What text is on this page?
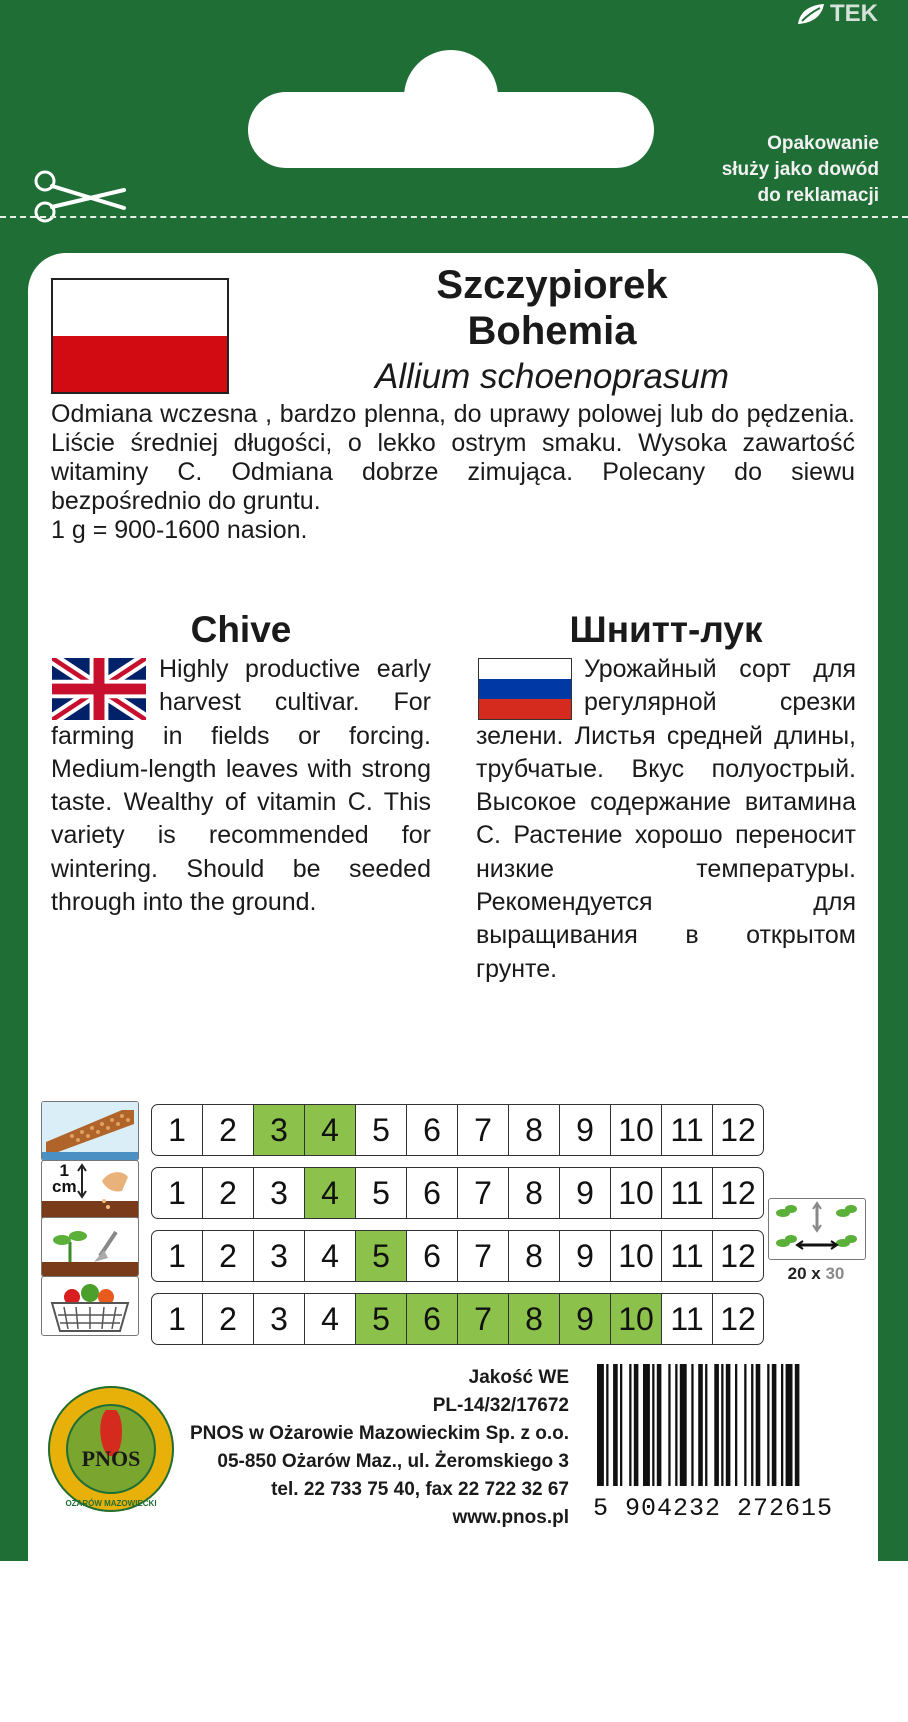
TEK
Opakowanie
służy jako dowód
do reklamacji
Szczypiorek
Bohemia
Allium schoenoprasum

Odmiana wczesna , bardzo plenna, do uprawy polowej lub do pędzenia. Liście średniej długości, o lekko ostrym smaku. Wysoka zawartość witaminy C. Odmiana dobrze zimująca. Polecany do siewu bezpośrednio do gruntu.
1 g = 900-1600 nasion.

Chive	Шнитт-лук

Highly productive early harvest cultivar. For farming in fields or forcing. Medium-length leaves with strong taste. Wealthy of vitamin C. This variety is recommended for wintering. Should be seeded through into the ground.

Урожайный сорт для регулярной срезки зелени. Листья средней длины, трубчатые. Вкус полуострый. Высокое содержание витамина С. Растение хорошо переносит низкие температуры. Рекомендуется для выращивания в открытом грунте.

1
cm
1	2	3	4	5	6	7	8	9 10 11 12
1	2	3	4	5	6	7	8	9 10 11 12
1	2	3	4	5	6	7	8	9 10 11 12
1	2	3	4	5	6	7	8	9 10 11 12
20 x 30
PNOS
OŻARÓW MAZOWIECKI
Jakość WE
PL-14/32/17672
PNOS w Ożarowie Mazowieckim Sp. z o.o.
05-850 Ożarów Maz., ul. Żeromskiego 3
tel. 22 733 75 40, fax 22 722 32 67
www.pnos.pl 5 904232 272615
